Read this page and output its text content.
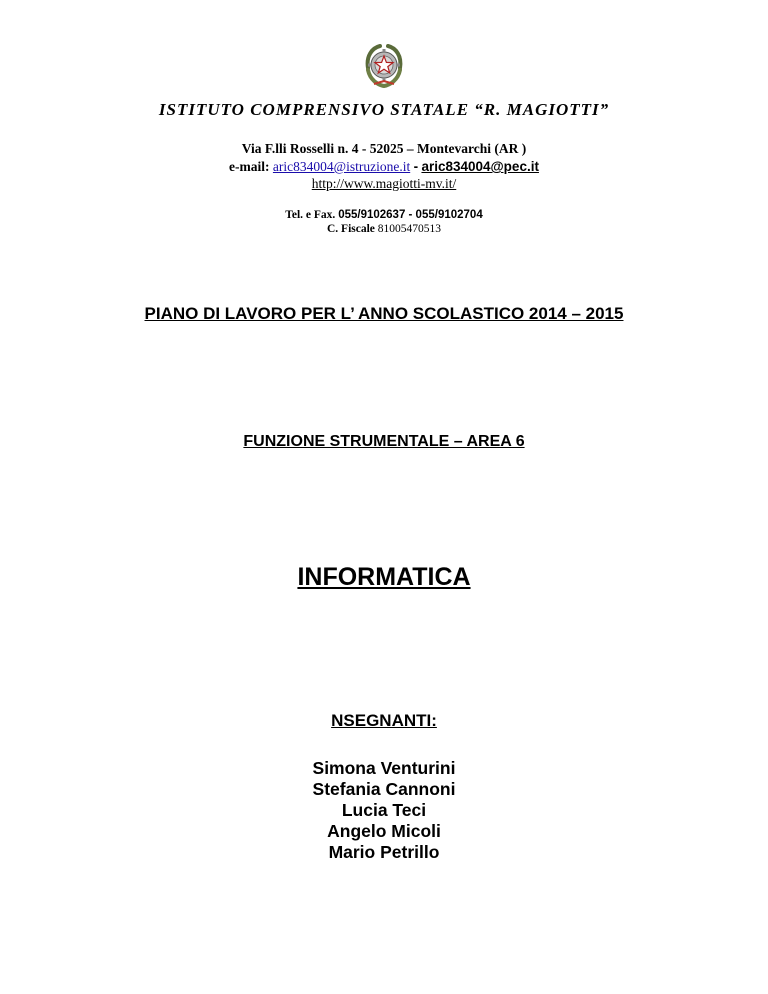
ISTITUTO COMPRENSIVO STATALE “R. MAGIOTTI”
Via F.lli Rosselli n. 4 - 52025 – Montevarchi (AR )
e-mail: aric834004@istruzione.it - aric834004@pec.it
http://www.magiotti-mv.it/
Tel. e Fax. 055/9102637 - 055/9102704
C. Fiscale 81005470513
PIANO DI LAVORO PER L’ ANNO SCOLASTICO 2014 – 2015
FUNZIONE STRUMENTALE – AREA 6
INFORMATICA
NSEGNANTI:
Simona Venturini
Stefania Cannoni
Lucia Teci
Angelo Micoli
Mario Petrillo
